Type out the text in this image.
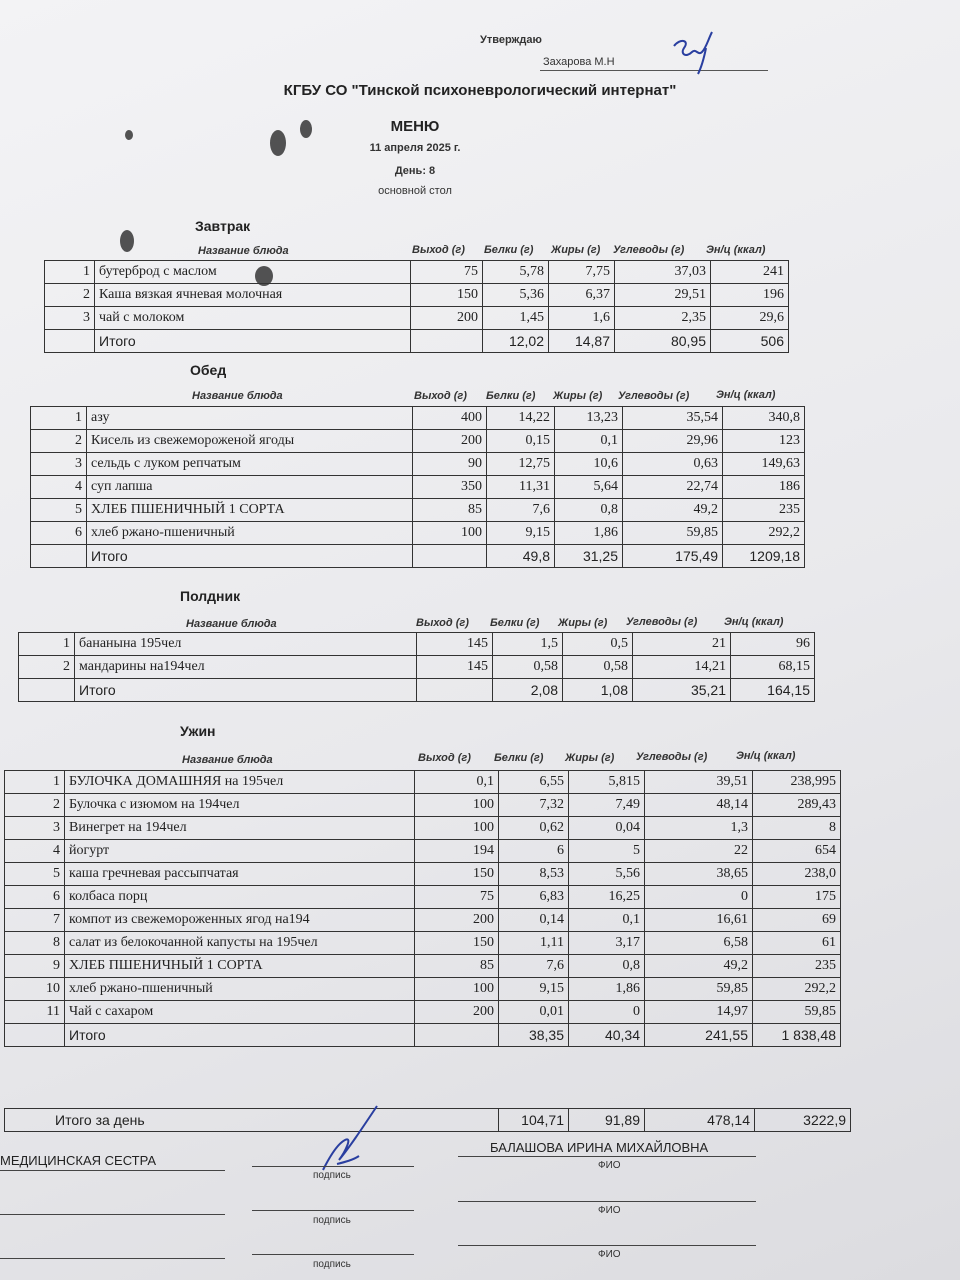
Утверждаю
Захарова М.Н
КГБУ СО "Тинской психоневрологический интернат"
МЕНЮ
11 апреля 2025 г.
День: 8
основной стол
Завтрак
Название блюда	Выход (г) Белки (г) Жиры (г) Углеводы (г) Эн/ц (ккал)
1	бутерброд с маслом	75	5,78	7,75	37,03	241
2	Каша вязкая ячневая молочная	150	5,36	6,37	29,51	196
3	чай с молоком	200	1,45	1,6	2,35	29,6
	Итого		12,02	14,87	80,95	506
Обед
Название блюда	Выход (г) Белки (г) Жиры (г) Углеводы (г) Эн/ц (ккал)
1	азу	400	14,22	13,23	35,54	340,8
2	Кисель из свежемороженой ягоды	200	0,15	0,1	29,96	123
3	сельдь с луком репчатым	90	12,75	10,6	0,63	149,63
4	суп лапша	350	11,31	5,64	22,74	186
5	ХЛЕБ ПШЕНИЧНЫЙ 1 СОРТА	85	7,6	0,8	49,2	235
6	хлеб ржано-пшеничный	100	9,15	1,86	59,85	292,2
	Итого		49,8	31,25	175,49	1209,18
Полдник
Название блюда	Выход (г) Белки (г) Жиры (г) Углеводы (г) Эн/ц (ккал)
1	бананына 195чел	145	1,5	0,5	21	96
2	мандарины на194чел	145	0,58	0,58	14,21	68,15
	Итого		2,08	1,08	35,21	164,15
Ужин
Название блюда	Выход (г) Белки (г) Жиры (г) Углеводы (г)	Эн/ц (ккал)
1	БУЛОЧКА ДОМАШНЯЯ на 195чел	0,1	6,55	5,815	39,51	238,995
2	Булочка с изюмом на 194чел	100	7,32	7,49	48,14	289,43
3	Винегрет на 194чел	100	0,62	0,04	1,3	8
4	йогурт	194	6	5	22	654
5	каша гречневая рассыпчатая	150	8,53	5,56	38,65	238,0
6	колбаса порц	75	6,83	16,25	0	175
7	компот из свежемороженных ягод на194	200	0,14	0,1	16,61	69
8	салат из белокочанной капусты на 195чел	150	1,11	3,17	6,58	61
9	ХЛЕБ ПШЕНИЧНЫЙ 1 СОРТА	85	7,6	0,8	49,2	235
10	хлеб ржано-пшеничный	100	9,15	1,86	59,85	292,2
11	Чай с сахаром	200	0,01	0	14,97	59,85
	Итого		38,35	40,34	241,55	1 838,48
Итого за день	104,71	91,89	478,14	3222,9
МЕДИЦИНСКАЯ СЕСТРА
БАЛАШОВА ИРИНА МИХАЙЛОВНА
подпись
ФИО
подпись
ФИО
подпись
ФИО
